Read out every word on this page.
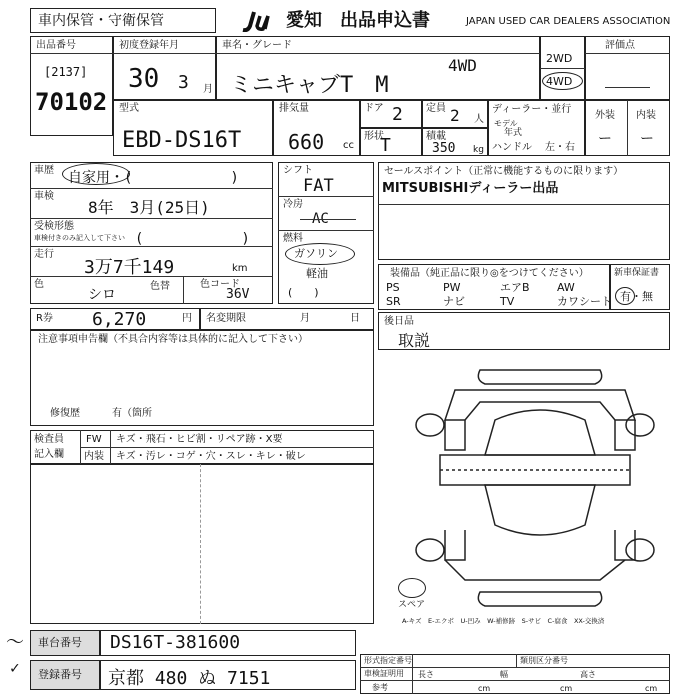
車内保管・守衛保管	愛知 出品申込書	JAPAN USED CAR DEALERS ASSOCIATION
出品番号
[2137]
70102
初度登録年月
30 3 月
車名・グレード
ミニキャブT　M
4WD	2WD
4WD
評価点
型式
EBD-DS16T
排気量
660 cc
ドア 2 定員 2 人
形状
T	積載
350 kg
ディーラー・並行
年式
モデル
ハンドル 左・右
外装 内装
ー ー
車歴 自家用・(　　　　　　　)
車検
8年　3月(25日)
受検形態
車検付きのみ記入して下さい (　　　　　　　)
走行
3万7千149	km
色
シロ
色替	色コード
36V
シフト
FAT
冷房
AC
燃料
ガソリン
軽油
(　　)
セールスポイント（正常に機能するものに限ります）
MITSUBISHIディーラー出品
装備品（純正品に限り◎をつけてください）
PS	PW	エアB AW
SR	ナビ	TV	カワシート
新車保証書
有・無
R券 6,270	円 名変期限	月	日
注意事項申告欄（不具合内容等は具体的に記入して下さい）
修復歴	有（箇所
後日品
取説
検査員
記入欄
FW キズ・飛石・ヒビ割・リペア跡・X要
内装 キズ・汚レ・コゲ・穴・スレ・キレ・破レ
スペア
A-キズ　E-エクボ　U-凹み　W-補修跡　S-サビ　C-腐食　XX-交換済
〜 車台番号 DS16T-381600
✓ 登録番号 京都 480 ぬ 7151
形式指定番号	類別区分番号
車検証明用
参考
長さ	幅	高さ
cm	cm	cm
